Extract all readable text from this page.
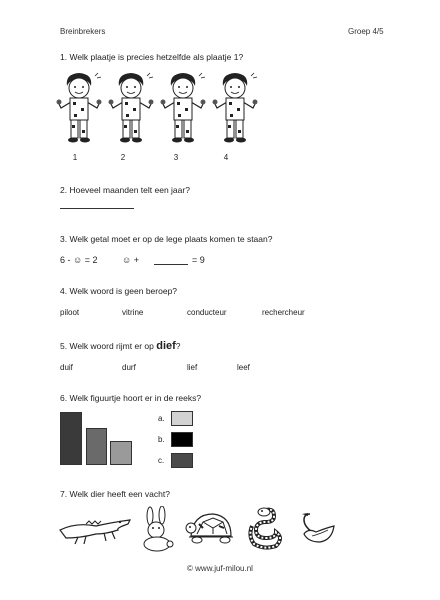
Breinbrekers	Groep 4/5
1. Welk plaatje is precies hetzelfde als plaatje 1?
1	2	3	4
2. Hoeveel maanden telt een jaar?
3. Welk getal moet er op de lege plaats komen te staan?
6 - ☺ = 2	☺ +	= 9
4. Welk woord is geen beroep?
piloot	vitrine	conducteur	rechercheur
5. Welk woord rijmt er op dief?
duif	durf	lief	leef
6. Welk figuurtje hoort er in de reeks?
a.
b.
c.
7. Welk dier heeft een vacht?
© www.juf-milou.nl
